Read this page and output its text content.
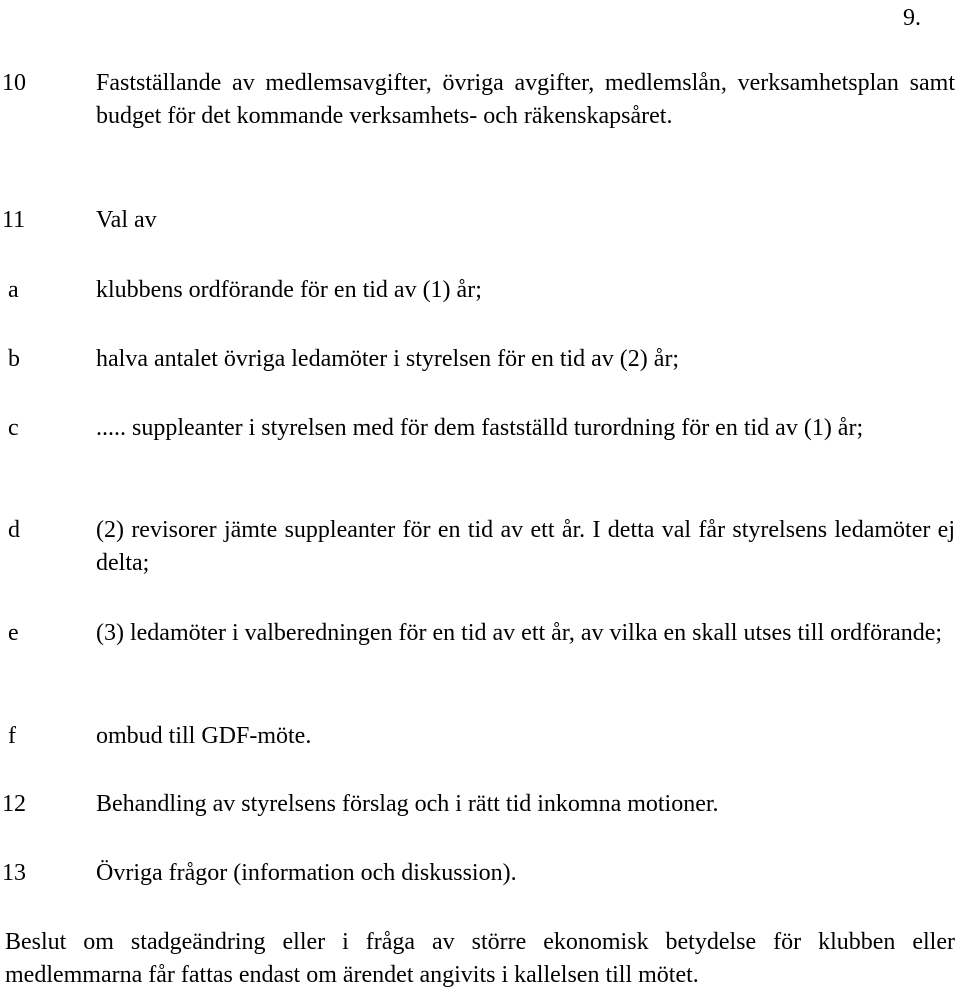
9.
10	Fastställande av medlemsavgifter, övriga avgifter, medlemslån, verksamhetsplan samt budget för det kommande verksamhets- och räkenskapsåret.
11	Val av
a	klubbens ordförande för en tid av (1) år;
b	halva antalet övriga ledamöter i styrelsen för en tid av (2) år;
c	..... suppleanter i styrelsen med för dem fastställd turordning för en tid av (1) år;
d	(2) revisorer jämte suppleanter för en tid av ett år. I detta val får styrelsens ledamöter ej delta;
e	(3) ledamöter i valberedningen för en tid av ett år, av vilka en skall utses till ordförande;
f	ombud till GDF-möte.
12	Behandling av styrelsens förslag och i rätt tid inkomna motioner.
13	Övriga frågor (information och diskussion).
Beslut om stadgeändring eller i fråga av större ekonomisk betydelse för klubben eller medlemmarna får fattas endast om ärendet angivits i kallelsen till mötet.
